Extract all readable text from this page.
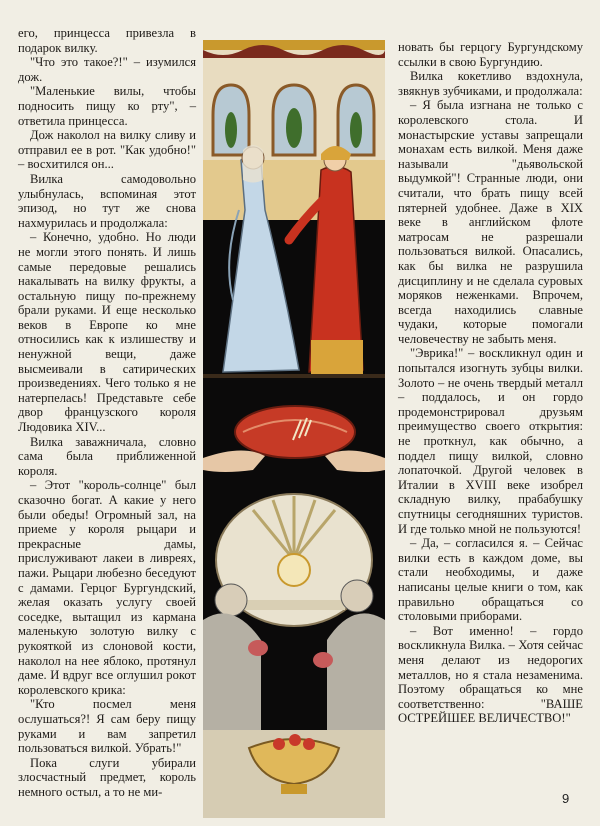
его, принцесса привезла в подарок вилку.

"Что это такое?!" – изумился дож.

"Маленькие вилы, чтобы подносить пищу ко рту", – ответила принцесса.

Дож наколол на вилку сливу и отправил ее в рот. "Как удобно!" – восхитился он...

Вилка самодовольно улыбнулась, вспоминая этот эпизод, но тут же снова нахмурилась и продолжала:

– Конечно, удобно. Но люди не могли этого понять. И лишь самые передовые решались накалывать на вилку фрукты, а остальную пищу по-прежнему брали руками. И еще несколько веков в Европе ко мне относились как к излишеству и ненужной вещи, даже высмеивали в сатирических произведениях. Чего только я не натерпелась! Представьте себе двор французского короля Людовика XIV...

Вилка заважничала, словно сама была приближенной короля.

– Этот "король-солнце" был сказочно богат. А какие у него были обеды! Огромный зал, на приеме у короля рыцари и прекрасные дамы, прислуживают лакеи в ливреях, пажи. Рыцари любезно беседуют с дамами. Герцог Бургундский, желая оказать услугу своей соседке, вытащил из кармана маленькую золотую вилку с рукояткой из слоновой кости, наколол на нее яблоко, протянул даме. И вдруг все оглушил рокот королевского крика:

"Кто посмел меня ослушаться?! Я сам беру пищу руками и вам запретил пользоваться вилкой. Убрать!"

Пока слуги убирали злосчастный предмет, король немного остыл, а то не ми-

новать бы герцогу Бургундскому ссылки в свою Бургундию.

Вилка кокетливо вздохнула, звякнув зубчиками, и продолжала:

– Я была изгнана не только с королевского стола. И монастырские уставы запрещали монахам есть вилкой. Меня даже называли "дьявольской выдумкой"! Странные люди, они считали, что брать пищу всей пятерней удобнее. Даже в XIX веке в английском флоте матросам не разрешали пользоваться вилкой. Опасались, как бы вилка не разрушила дисциплину и не сделала суровых моряков неженками. Впрочем, всегда находились славные чудаки, которые помогали человечеству не забыть меня.

"Эврика!" – воскликнул один и попытался изогнуть зубцы вилки. Золото – не очень твердый металл – поддалось, и он гордо продемонстрировал друзьям преимущество своего открытия: не проткнул, как обычно, а поддел пищу вилкой, словно лопаточкой. Другой человек в Италии в XVIII веке изобрел складную вилку, прабабушку спутницы сегодняшних туристов. И где только мной не пользуются!

– Да, – согласился я. – Сейчас вилки есть в каждом доме, вы стали необходимы, и даже написаны целые книги о том, как правильно обращаться со столовыми приборами.

– Вот именно! – гордо воскликнула Вилка. – Хотя сейчас меня делают из недорогих металлов, но я стала незаменима. Поэтому обращаться ко мне соответственно: "ВАШЕ ОСТРЕЙШЕЕ ВЕЛИЧЕСТВО!"

9
